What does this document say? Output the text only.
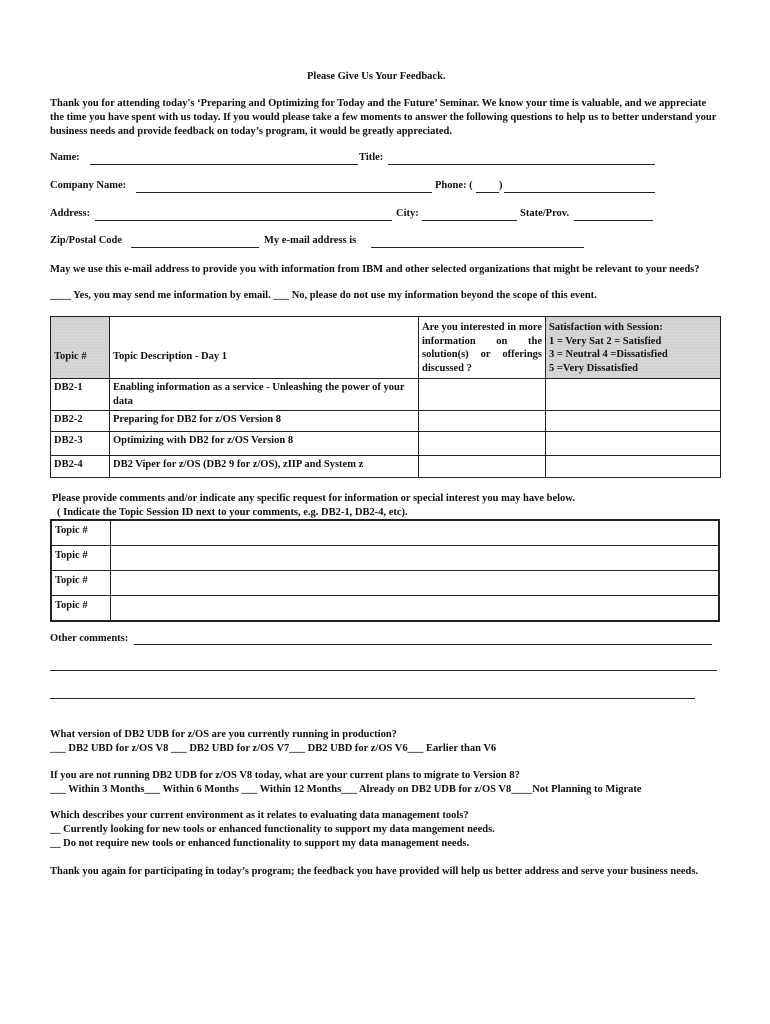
Please Give Us Your Feedback.
Thank you for attending today's ‘Preparing and Optimizing for Today and the Future’ Seminar. We know your time is valuable, and we appreciate the time you have spent with us today. If you would please take a few moments to answer the following questions to help us to better understand your business needs and provide feedback on today’s program, it would be greatly appreciated.
Name:	Title:
Company Name:	Phone: (	)
Address:	City:	State/Prov.
Zip/Postal Code	My e-mail address is
May we use this e-mail address to provide you with information from IBM and other selected organizations that might be relevant to your needs?
____ Yes, you may send me information by email. ___ No, please do not use my information beyond the scope of this event.
Topic #	Topic Description - Day 1	Are you interested in more information on the solution(s) or offerings discussed ?	Satisfaction with Session:
1 = Very Sat 2 = Satisfied
3 = Neutral 4 =Dissatisfied
5 =Very Dissatisfied

DB2-1	Enabling information as a service - Unleashing the power of your data		
DB2-2	Preparing for DB2 for z/OS Version 8		
DB2-3	Optimizing with DB2 for z/OS Version 8		
DB2-4	DB2 Viper for z/OS (DB2 9 for z/OS), zIIP and System z		
Please provide comments and/or indicate any specific request for information or special interest you may have below.
( Indicate the Topic Session ID next to your comments, e.g. DB2-1, DB2-4, etc).
Topic #	
Topic #	
Topic #	
Topic #	
Other comments:
What version of DB2 UDB for z/OS are you currently running in production?
___ DB2 UBD for z/OS V8 ___ DB2 UBD for z/OS V7___ DB2 UBD for z/OS V6___ Earlier than V6
If you are not running DB2 UDB for z/OS V8 today, what are your current plans to migrate to Version 8?
___ Within 3 Months___ Within 6 Months ___ Within 12 Months___ Already on DB2 UDB for z/OS V8____Not Planning to Migrate
Which describes your current environment as it relates to evaluating data management tools?
__ Currently looking for new tools or enhanced functionality to support my data mangement needs.
__ Do not require new tools or enhanced functionality to support my data management needs.
Thank you again for participating in today’s program; the feedback you have provided will help us better address and serve your business needs.
